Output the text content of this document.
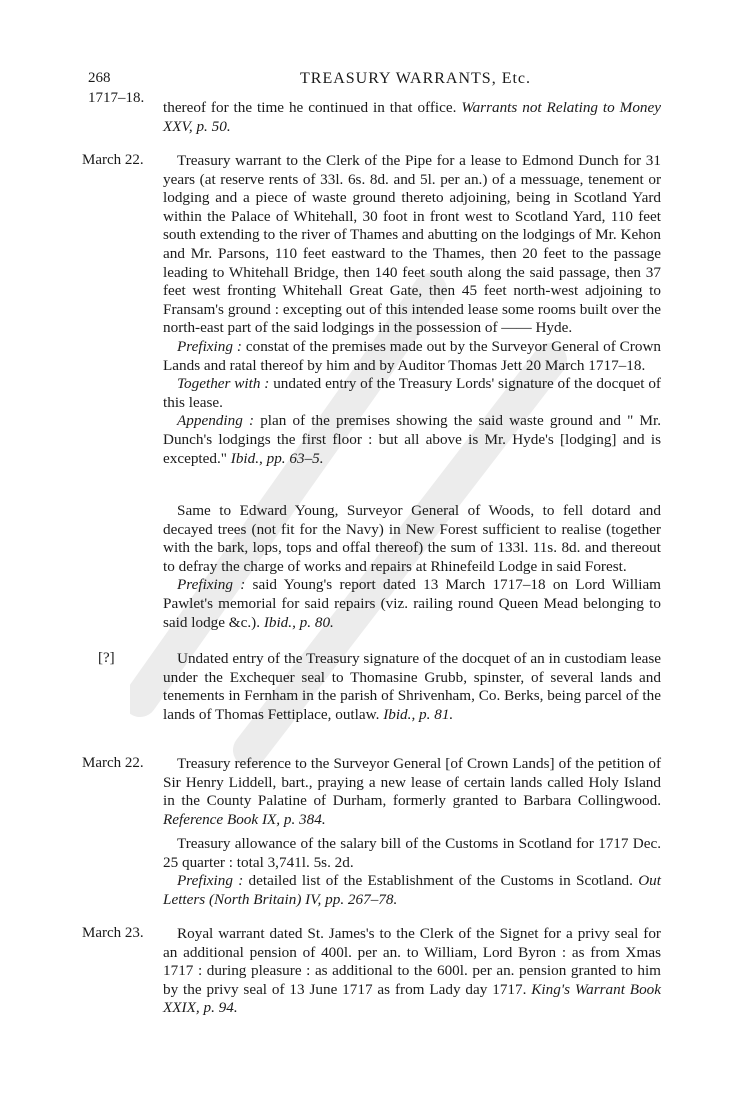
268
1717–18.
TREASURY WARRANTS, Etc.

thereof for the time he continued in that office. Warrants not Relating to Money XXV, p. 50.

March 22.	Treasury warrant to the Clerk of the Pipe for a lease to Edmond Dunch for 31 years (at reserve rents of 33l. 6s. 8d. and 5l. per an.) of a messuage, tenement or lodging and a piece of waste ground thereto adjoining, being in Scotland Yard within the Palace of Whitehall, 30 foot in front west to Scotland Yard, 110 feet south extending to the river of Thames and abutting on the lodgings of Mr. Kehon and Mr. Parsons, 110 feet eastward to the Thames, then 20 feet to the passage leading to Whitehall Bridge, then 140 feet south along the said passage, then 37 feet west fronting Whitehall Great Gate, then 45 feet north-west adjoining to Fransam's ground : excepting out of this intended lease some rooms built over the north-east part of the said lodgings in the possession of —— Hyde.

Prefixing : constat of the premises made out by the Surveyor General of Crown Lands and ratal thereof by him and by Auditor Thomas Jett 20 March 1717–18.

Together with : undated entry of the Treasury Lords' signature of the docquet of this lease.

Appending : plan of the premises showing the said waste ground and " Mr. Dunch's lodgings the first floor : but all above is Mr. Hyde's [lodging] and is excepted." Ibid., pp. 63–5.

Same to Edward Young, Surveyor General of Woods, to fell dotard and decayed trees (not fit for the Navy) in New Forest sufficient to realise (together with the bark, lops, tops and offal thereof) the sum of 133l. 11s. 8d. and thereout to defray the charge of works and repairs at Rhinefeild Lodge in said Forest.

Prefixing : said Young's report dated 13 March 1717–18 on Lord William Pawlet's memorial for said repairs (viz. railing round Queen Mead belonging to said lodge &c.). Ibid., p. 80.

[?]	Undated entry of the Treasury signature of the docquet of an in custodiam lease under the Exchequer seal to Thomasine Grubb, spinster, of several lands and tenements in Fernham in the parish of Shrivenham, Co. Berks, being parcel of the lands of Thomas Fettiplace, outlaw. Ibid., p. 81.

March 22.	Treasury reference to the Surveyor General [of Crown Lands] of the petition of Sir Henry Liddell, bart., praying a new lease of certain lands called Holy Island in the County Palatine of Durham, formerly granted to Barbara Collingwood. Reference Book IX, p. 384.

Treasury allowance of the salary bill of the Customs in Scotland for 1717 Dec. 25 quarter : total 3,741l. 5s. 2d.

Prefixing : detailed list of the Establishment of the Customs in Scotland. Out Letters (North Britain) IV, pp. 267–78.

March 23.	Royal warrant dated St. James's to the Clerk of the Signet for a privy seal for an additional pension of 400l. per an. to William, Lord Byron : as from Xmas 1717 : during pleasure : as additional to the 600l. per an. pension granted to him by the privy seal of 13 June 1717 as from Lady day 1717. King's Warrant Book XXIX, p. 94.
